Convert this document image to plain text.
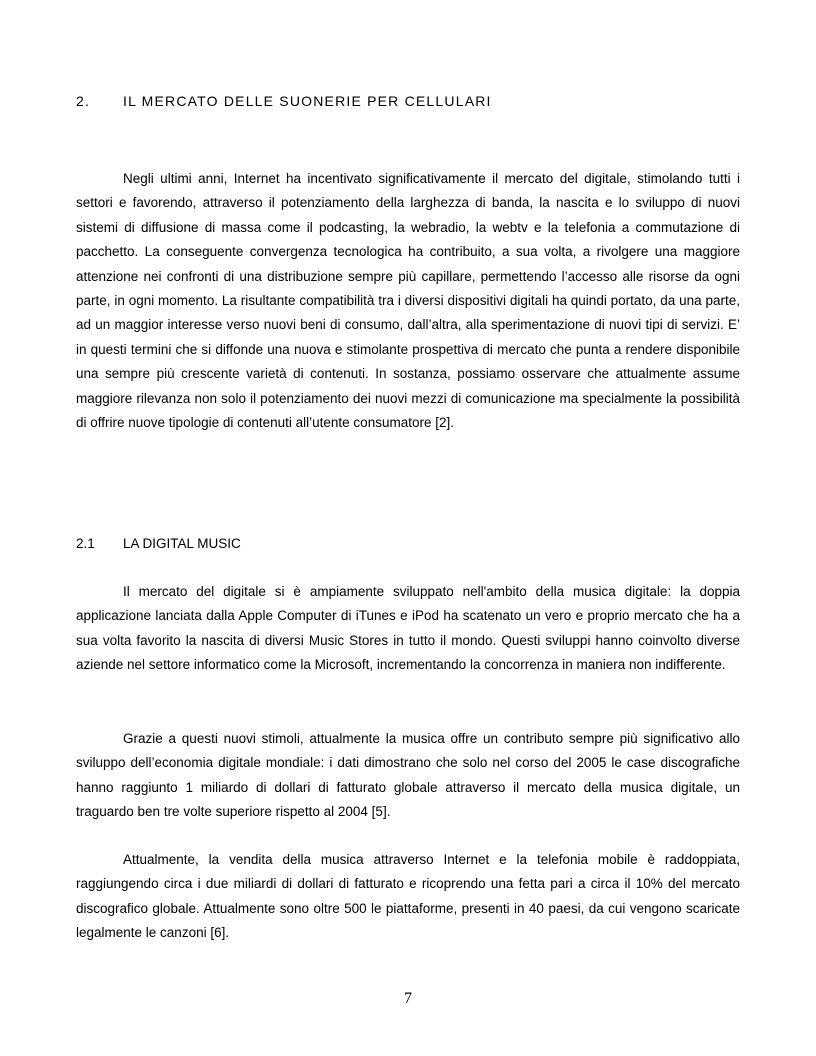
2. IL MERCATO DELLE SUONERIE PER CELLULARI

Negli ultimi anni, Internet ha incentivato significativamente il mercato del digitale, stimolando tutti i settori e favorendo, attraverso il potenziamento della larghezza di banda, la nascita e lo sviluppo di nuovi sistemi di diffusione di massa come il podcasting, la webradio, la webtv e la telefonia a commutazione di pacchetto. La conseguente convergenza tecnologica ha contribuito, a sua volta, a rivolgere una maggiore attenzione nei confronti di una distribuzione sempre più capillare, permettendo l’accesso alle risorse da ogni parte, in ogni momento. La risultante compatibilità tra i diversi dispositivi digitali ha quindi portato, da una parte, ad un maggior interesse verso nuovi beni di consumo, dall’altra, alla sperimentazione di nuovi tipi di servizi. E’ in questi termini che si diffonde una nuova e stimolante prospettiva di mercato che punta a rendere disponibile una sempre più crescente varietà di contenuti. In sostanza, possiamo osservare che attualmente assume maggiore rilevanza non solo il potenziamento dei nuovi mezzi di comunicazione ma specialmente la possibilità di offrire nuove tipologie di contenuti all’utente consumatore [2].

2.1 LA DIGITAL MUSIC

Il mercato del digitale si è ampiamente sviluppato nell'ambito della musica digitale: la doppia applicazione lanciata dalla Apple Computer di iTunes e iPod ha scatenato un vero e proprio mercato che ha a sua volta favorito la nascita di diversi Music Stores in tutto il mondo. Questi sviluppi hanno coinvolto diverse aziende nel settore informatico come la Microsoft, incrementando la concorrenza in maniera non indifferente.

Grazie a questi nuovi stimoli, attualmente la musica offre un contributo sempre più significativo allo sviluppo dell’economia digitale mondiale: i dati dimostrano che solo nel corso del 2005 le case discografiche hanno raggiunto 1 miliardo di dollari di fatturato globale attraverso il mercato della musica digitale, un traguardo ben tre volte superiore rispetto al 2004 [5].

Attualmente, la vendita della musica attraverso Internet e la telefonia mobile è raddoppiata, raggiungendo circa i due miliardi di dollari di fatturato e ricoprendo una fetta pari a circa il 10% del mercato discografico globale. Attualmente sono oltre 500 le piattaforme, presenti in 40 paesi, da cui vengono scaricate legalmente le canzoni [6].

7
